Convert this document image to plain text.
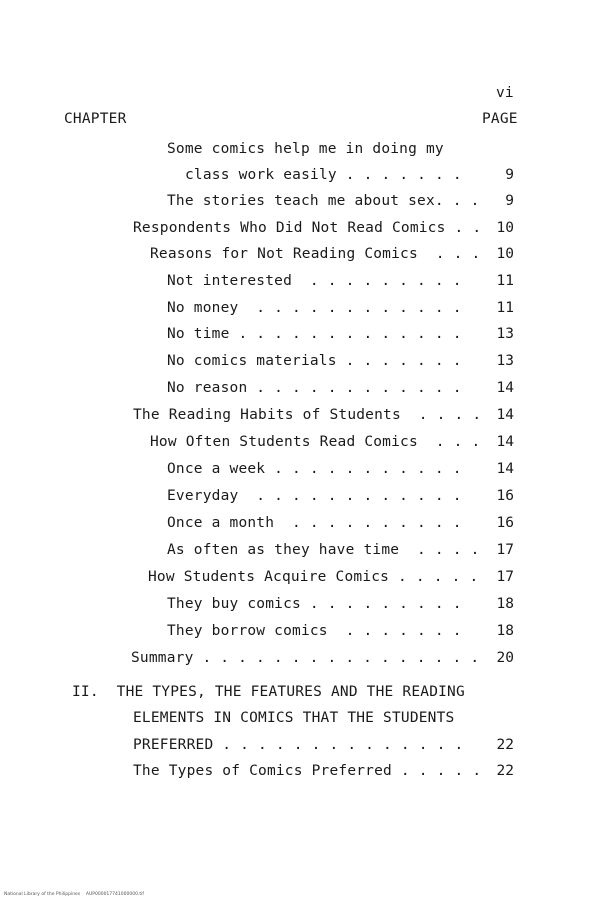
vi
CHAPTER	PAGE
Some comics help me in doing my
class work easily . . . . . . .	9
The stories teach me about sex. . .	9
Respondents Who Did Not Read Comics . .	10
Reasons for Not Reading Comics  . . .	10
Not interested  . . . . . . . . .	11
No money  . . . . . . . . . . . .	11
No time . . . . . . . . . . . . .	13
No comics materials . . . . . . .	13
No reason . . . . . . . . . . . .	14
The Reading Habits of Students  . . . .	14
How Often Students Read Comics  . . .	14
Once a week . . . . . . . . . . .	14
Everyday  . . . . . . . . . . . .	16
Once a month  . . . . . . . . . .	16
As often as they have time  . . . .	17
How Students Acquire Comics . . . . .	17
They buy comics . . . . . . . . .	18
They borrow comics  . . . . . . .	18
Summary . . . . . . . . . . . . . . . .	20
II.  THE TYPES, THE FEATURES AND THE READING
ELEMENTS IN COMICS THAT THE STUDENTS
PREFERRED . . . . . . . . . . . . . .	22
The Types of Comics Preferred . . . . .	22
National Library of the Philippines    AUP000017741000000.tif
